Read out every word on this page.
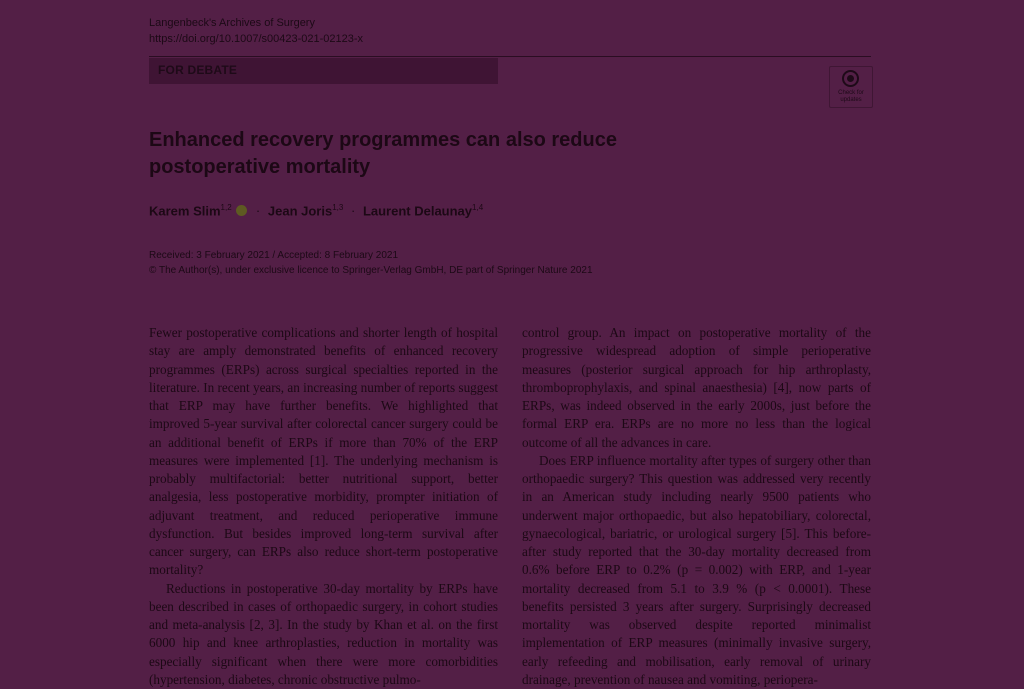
Langenbeck's Archives of Surgery
https://doi.org/10.1007/s00423-021-02123-x
FOR DEBATE
Check for
updates
Enhanced recovery programmes can also reduce postoperative mortality
Karem Slim$^{1,2}$ · Jean Joris$^{1,3}$ · Laurent Delaunay$^{1,4}$
Received: 3 February 2021 / Accepted: 8 February 2021
© The Author(s), under exclusive licence to Springer-Verlag GmbH, DE part of Springer Nature 2021

Fewer postoperative complications and shorter length of hospital stay are amply demonstrated benefits of enhanced recovery programmes (ERPs) across surgical specialties reported in the literature. In recent years, an increasing number of reports suggest that ERP may have further benefits. We highlighted that improved 5-year survival after colorectal cancer surgery could be an additional benefit of ERPs if more than 70% of the ERP measures were implemented [1]. The underlying mechanism is probably multifactorial: better nutritional support, better analgesia, less postoperative morbidity, prompter initiation of adjuvant treatment, and reduced perioperative immune dysfunction. But besides improved long-term survival after cancer surgery, can ERPs also reduce short-term postoperative mortality?

Reductions in postoperative 30-day mortality by ERPs have been described in cases of orthopaedic surgery, in cohort studies and meta-analysis [2, 3]. In the study by Khan et al. on the first 6000 hip and knee arthroplasties, reduction in mortality was especially significant when there were more comorbidities (hypertension, diabetes, chronic obstructive pulmo-

control group. An impact on postoperative mortality of the progressive widespread adoption of simple perioperative measures (posterior surgical approach for hip arthroplasty, thromboprophylaxis, and spinal anaesthesia) [4], now parts of ERPs, was indeed observed in the early 2000s, just before the formal ERP era. ERPs are no more no less than the logical outcome of all the advances in care.

Does ERP influence mortality after types of surgery other than orthopaedic surgery? This question was addressed very recently in an American study including nearly 9500 patients who underwent major orthopaedic, but also hepatobiliary, colorectal, gynaecological, bariatric, or urological surgery [5]. This before-after study reported that the 30-day mortality decreased from 0.6% before ERP to 0.2% (p = 0.002) with ERP, and 1-year mortality decreased from 5.1 to 3.9 % (p < 0.0001). These benefits persisted 3 years after surgery. Surprisingly decreased mortality was observed despite reported minimalist implementation of ERP measures (minimally invasive surgery, early refeeding and mobilisation, early removal of urinary drainage, prevention of nausea and vomiting, periopera-
